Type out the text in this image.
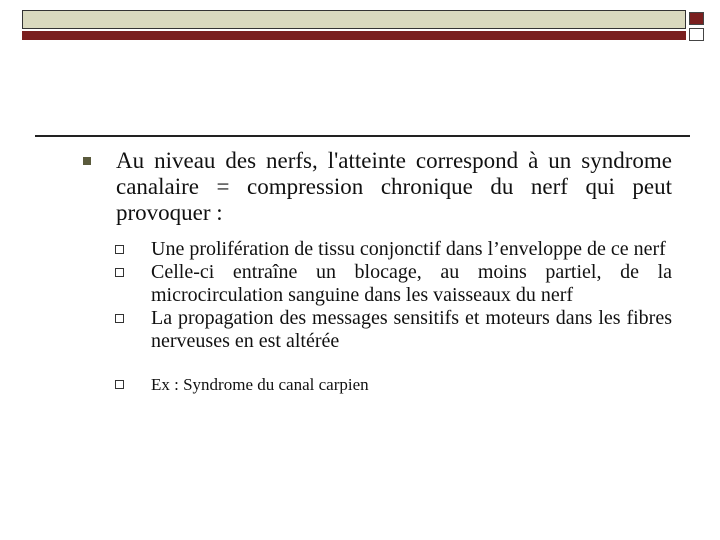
Au niveau des nerfs, l'atteinte correspond à un syndrome canalaire = compression chronique du nerf qui peut provoquer :

Une prolifération de tissu conjonctif dans l’enveloppe de ce nerf
Celle-ci entraîne un blocage, au moins partiel, de la microcirculation sanguine dans les vaisseaux du nerf
La propagation des messages sensitifs et moteurs dans les fibres nerveuses en est altérée
Ex : Syndrome du canal carpien
